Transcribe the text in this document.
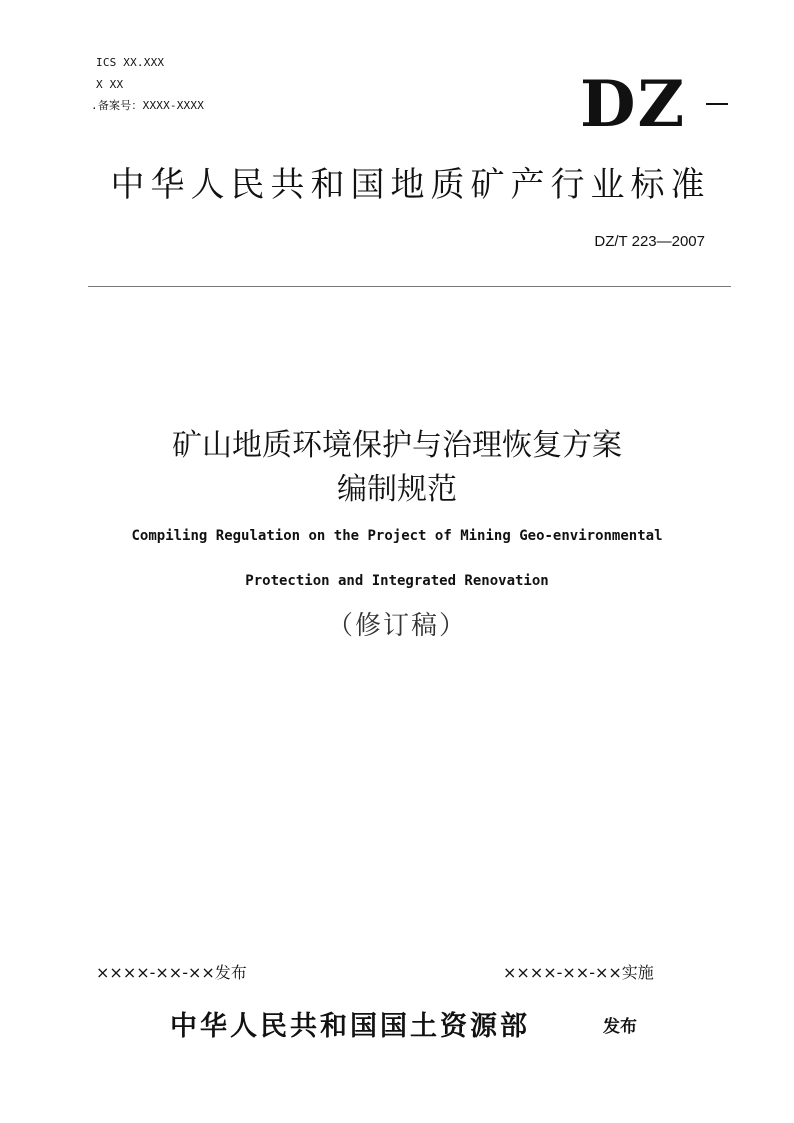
ICS XX.XXX
X XX
.备案号：XXXX-XXXX	DZ
中华人民共和国地质矿产行业标准
DZ/T 223—2007
矿山地质环境保护与治理恢复方案
编制规范
Compiling Regulation on the Project of Mining Geo-environmental
Protection and Integrated Renovation
（修订稿）
××××-××-××发布	××××-××-××实施
中华人民共和国国土资源部	发布
